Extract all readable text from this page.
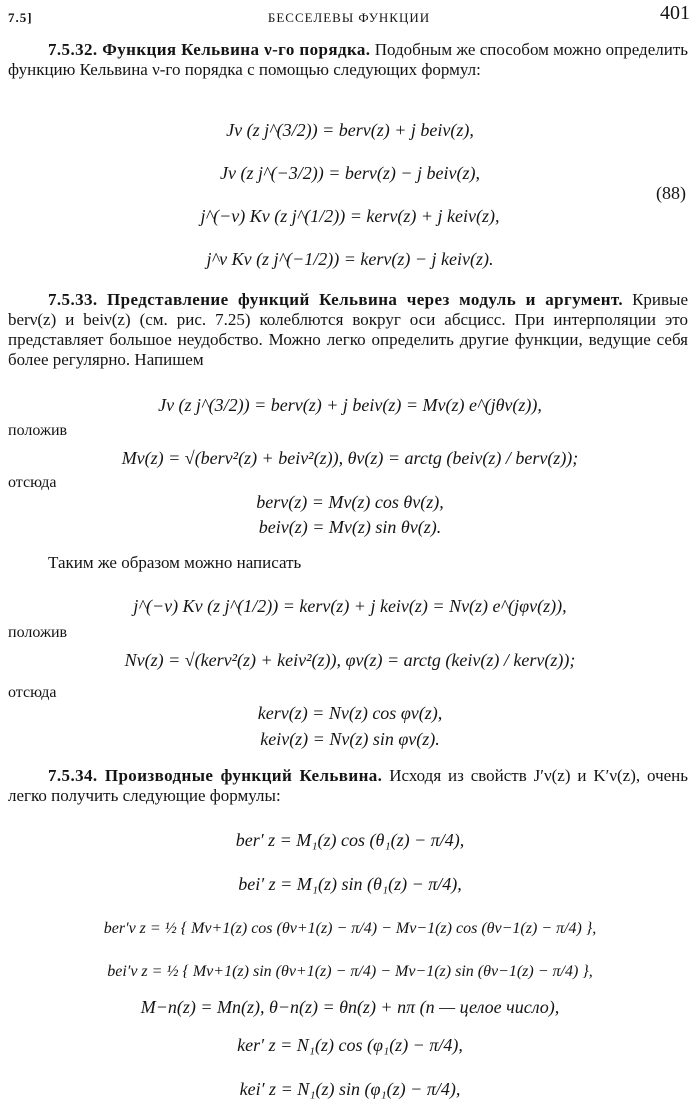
7.5]	БЕССЕЛЕВЫ ФУНКЦИИ	401
7.5.32. Функция Кельвина ν-го порядка. Подобным же способом можно определить функцию Кельвина ν-го порядка с помощью следующих формул:
Jν (z j^(3/2)) = berν(z) + j beiν(z),
Jν (z j^(−3/2)) = berν(z) − j beiν(z),
j^(−ν) Kν (z j^(1/2)) = kerν(z) + j keiν(z),
j^ν Kν (z j^(−1/2)) = kerν(z) − j keiν(z).
(88)
7.5.33. Представление функций Кельвина через модуль и аргумент. Кривые berν(z) и beiν(z) (см. рис. 7.25) колеблются вокруг оси абсцисс. При интерполяции это представляет большое неудобство. Можно легко определить другие функции, ведущие себя более регулярно. Напишем
Jν (z j^(3/2)) = berν(z) + j beiν(z) = Mν(z) e^(jθν(z)),
положив
Mν(z) = √(berν²(z) + beiν²(z)), θν(z) = arctg (beiν(z) / berν(z));
отсюда
berν(z) = Mν(z) cos θν(z),
beiν(z) = Mν(z) sin θν(z).
Таким же образом можно написать
j^(−ν) Kν (z j^(1/2)) = kerν(z) + j keiν(z) = Nν(z) e^(jφν(z)),
положив
Nν(z) = √(kerν²(z) + keiν²(z)), φν(z) = arctg (keiν(z) / kerν(z));
отсюда
kerν(z) = Nν(z) cos φν(z),
keiν(z) = Nν(z) sin φν(z).
7.5.34. Производные функций Кельвина. Исходя из свойств J′ν(z) и K′ν(z), очень легко получить следующие формулы:
ber′ z = M₁(z) cos (θ₁(z) − π/4),
bei′ z = M₁(z) sin (θ₁(z) − π/4),
ber′ν z = ½ { Mν+1(z) cos (θν+1(z) − π/4) − Mν−1(z) cos (θν−1(z) − π/4) },
bei′ν z = ½ { Mν+1(z) sin (θν+1(z) − π/4) − Mν−1(z) sin (θν−1(z) − π/4) },
M−n(z) = Mn(z), θ−n(z) = θn(z) + nπ (n — целое число),
ker′ z = N₁(z) cos (φ₁(z) − π/4),
kei′ z = N₁(z) sin (φ₁(z) − π/4),
